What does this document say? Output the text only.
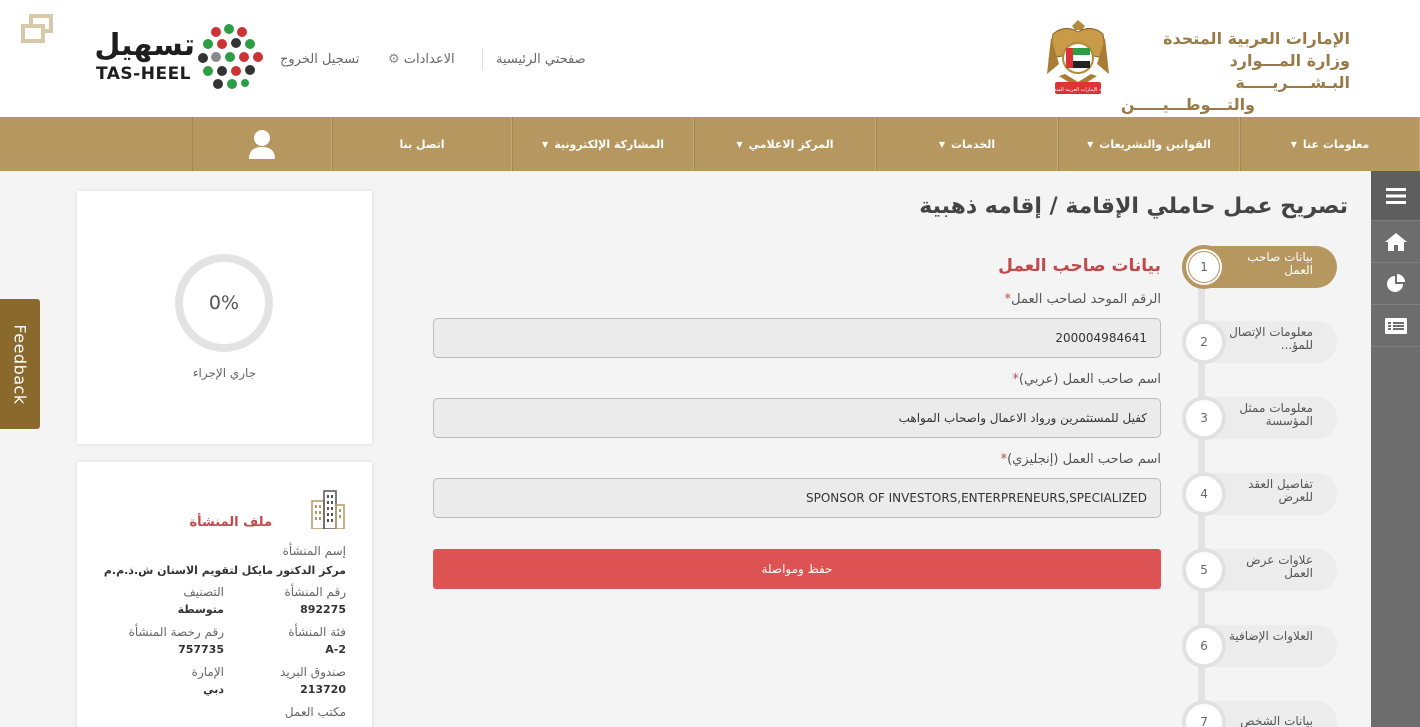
تسهيل
TAS-HEEL
تسجيل الخروج	الاعدادات ⚙	صفحتي الرئيسية
دولة الإمارات العربية المتحدة
الإمارات العربية المتحدة
وزارة المـــوارد البـشــــريـــــة
والتـــوطـــيـــــن
معلومات عنا
▼
القوانين والتشريعات
▼
الخدمات
▼
المركز الاعلامي
▼
المشاركة الإلكترونية
▼
اتصل بنا
Feedback
0%
جاري الإجراء
ملف المنشأة
إسم المنشأة
مركز الدكتور مايكل لتقويم الاسنان ش.ذ.م.م
رقم المنشأة
892275
التصنيف
متوسطة
فئة المنشأة
A-2
رقم رخصة المنشأة
757735
صندوق البريد
213720
الإمارة
دبي
مكتب العمل
تصريح عمل حاملي الإقامة / إقامه ذهبية
بيانات صاحب العمل
الرقم الموحد لصاحب العمل*
200004984641
اسم صاحب العمل (عربي)*
كفيل للمستثمرين ورواد الاعمال واصحاب المواهب
اسم صاحب العمل (إنجليزي)*
SPONSOR OF INVESTORS,ENTERPRENEURS,SPECIALIZED
حفظ ومواصلة
1
بيانات صاحب العمل
2
معلومات الإتصال للمؤ...
3
معلومات ممثل المؤسسة
4
تفاصيل العقد للعرض
5
علاوات عرض العمل
6
العلاوات الإضافية
7	بيانات الشخص
